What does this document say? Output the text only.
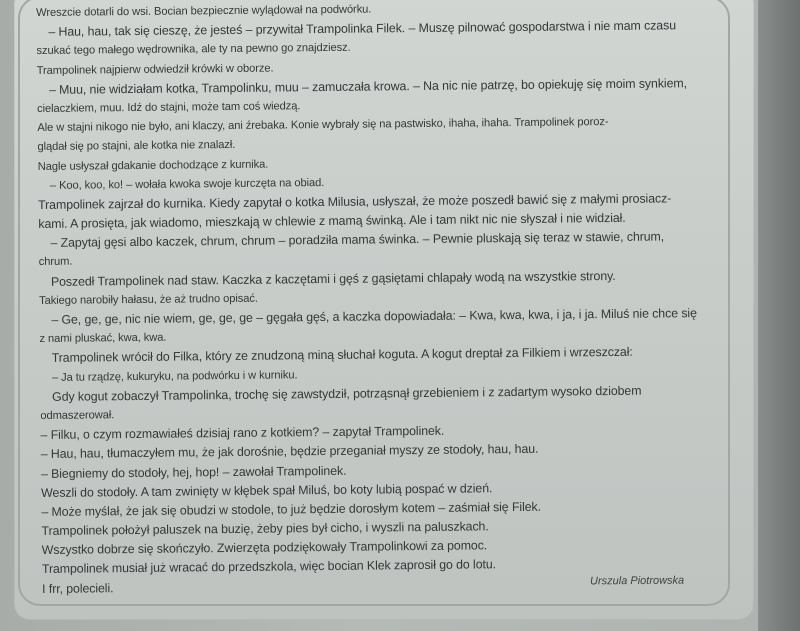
Wreszcie dotarli do wsi. Bocian bezpiecznie wylądował na podwórku.
– Hau, hau, tak się cieszę, że jesteś – przywitał Trampolinka Filek. – Muszę pilnować gospodarstwa i nie mam czasu
szukać tego małego wędrownika, ale ty na pewno go znajdziesz.
Trampolinek najpierw odwiedził krówki w oborze.
– Muu, nie widziałam kotka, Trampolinku, muu – zamuczała krowa. – Na nic nie patrzę, bo opiekuję się moim synkiem,
cielaczkiem, muu. Idź do stajni, może tam coś wiedzą.
Ale w stajni nikogo nie było, ani klaczy, ani źrebaka. Konie wybrały się na pastwisko, ihaha, ihaha. Trampolinek poroz-
glądał się po stajni, ale kotka nie znalazł.
Nagle usłyszał gdakanie dochodzące z kurnika.
– Koo, koo, ko! – wołała kwoka swoje kurczęta na obiad.
Trampolinek zajrzał do kurnika. Kiedy zapytał o kotka Milusia, usłyszał, że może poszedł bawić się z małymi prosiacz-
kami. A prosięta, jak wiadomo, mieszkają w chlewie z mamą świnką. Ale i tam nikt nic nie słyszał i nie widział.
– Zapytaj gęsi albo kaczek, chrum, chrum – poradziła mama świnka. – Pewnie pluskają się teraz w stawie, chrum,
chrum.
Poszedł Trampolinek nad staw. Kaczka z kaczętami i gęś z gąsiętami chlapały wodą na wszystkie strony.
Takiego narobiły hałasu, że aż trudno opisać.
– Ge, ge, ge, nic nie wiem, ge, ge, ge – gęgała gęś, a kaczka dopowiadała: – Kwa, kwa, kwa, i ja, i ja. Miluś nie chce się
z nami pluskać, kwa, kwa.
Trampolinek wrócił do Filka, który ze znudzoną miną słuchał koguta. A kogut dreptał za Filkiem i wrzeszczał:
– Ja tu rządzę, kukuryku, na podwórku i w kurniku.
Gdy kogut zobaczył Trampolinka, trochę się zawstydził, potrząsnął grzebieniem i z zadartym wysoko dziobem
odmaszerował.
– Filku, o czym rozmawiałeś dzisiaj rano z kotkiem? – zapytał Trampolinek.
– Hau, hau, tłumaczyłem mu, że jak dorośnie, będzie przeganiał myszy ze stodoły, hau, hau.
– Biegniemy do stodoły, hej, hop! – zawołał Trampolinek.
Weszli do stodoły. A tam zwinięty w kłębek spał Miluś, bo koty lubią pospać w dzień.
– Może myślał, że jak się obudzi w stodole, to już będzie dorosłym kotem – zaśmiał się Filek.
Trampolinek położył paluszek na buzię, żeby pies był cicho, i wyszli na paluszkach.
Wszystko dobrze się skończyło. Zwierzęta podziękowały Trampolinkowi za pomoc.
Trampolinek musiał już wracać do przedszkola, więc bocian Klek zaprosił go do lotu.
I frr, polecieli.	Urszula Piotrowska
